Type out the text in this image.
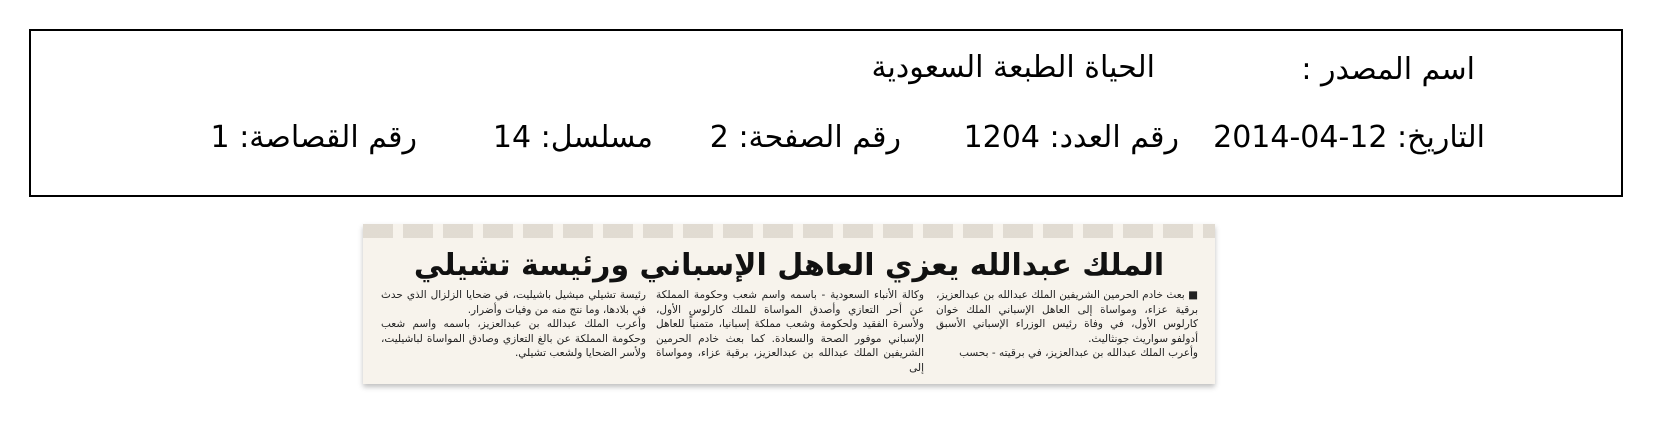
اسم المصدر :
الحياة الطبعة السعودية
التاريخ: 2014-04-12
رقم العدد: 1204
رقم الصفحة: 2
مسلسل: 14
رقم القصاصة: 1
الملك عبدالله يعزي العاهل الإسباني ورئيسة تشيلي
■ بعث خادم الحرمين الشريفين الملك عبدالله بن عبدالعزيز، برقية عزاء، ومواساة إلى العاهل الإسباني الملك خوان كارلوس الأول، في وفاة رئيس الوزراء الإسباني الأسبق أدولفو سواريث جونثاليث.
وأعرب الملك عبدالله بن عبدالعزيز، في برقيته - بحسب
وكالة الأنباء السعودية - باسمه واسم شعب وحكومة المملكة عن أحر التعازي وأصدق المواساة للملك كارلوس الأول، ولأسرة الفقيد ولحكومة وشعب مملكة إسبانيا، متمنياً للعاهل الإسباني موفور الصحة والسعادة. كما بعث خادم الحرمين الشريفين الملك عبدالله بن عبدالعزيز، برقية عزاء، ومواساة إلى
رئيسة تشيلي ميشيل باشيليت، في ضحايا الزلزال الذي حدث في بلادها، وما نتج منه من وفيات وأضرار.
وأعرب الملك عبدالله بن عبدالعزيز، باسمه واسم شعب وحكومة المملكة عن بالغ التعازي وصادق المواساة لباشيليت، ولأسر الضحايا ولشعب تشيلي.
